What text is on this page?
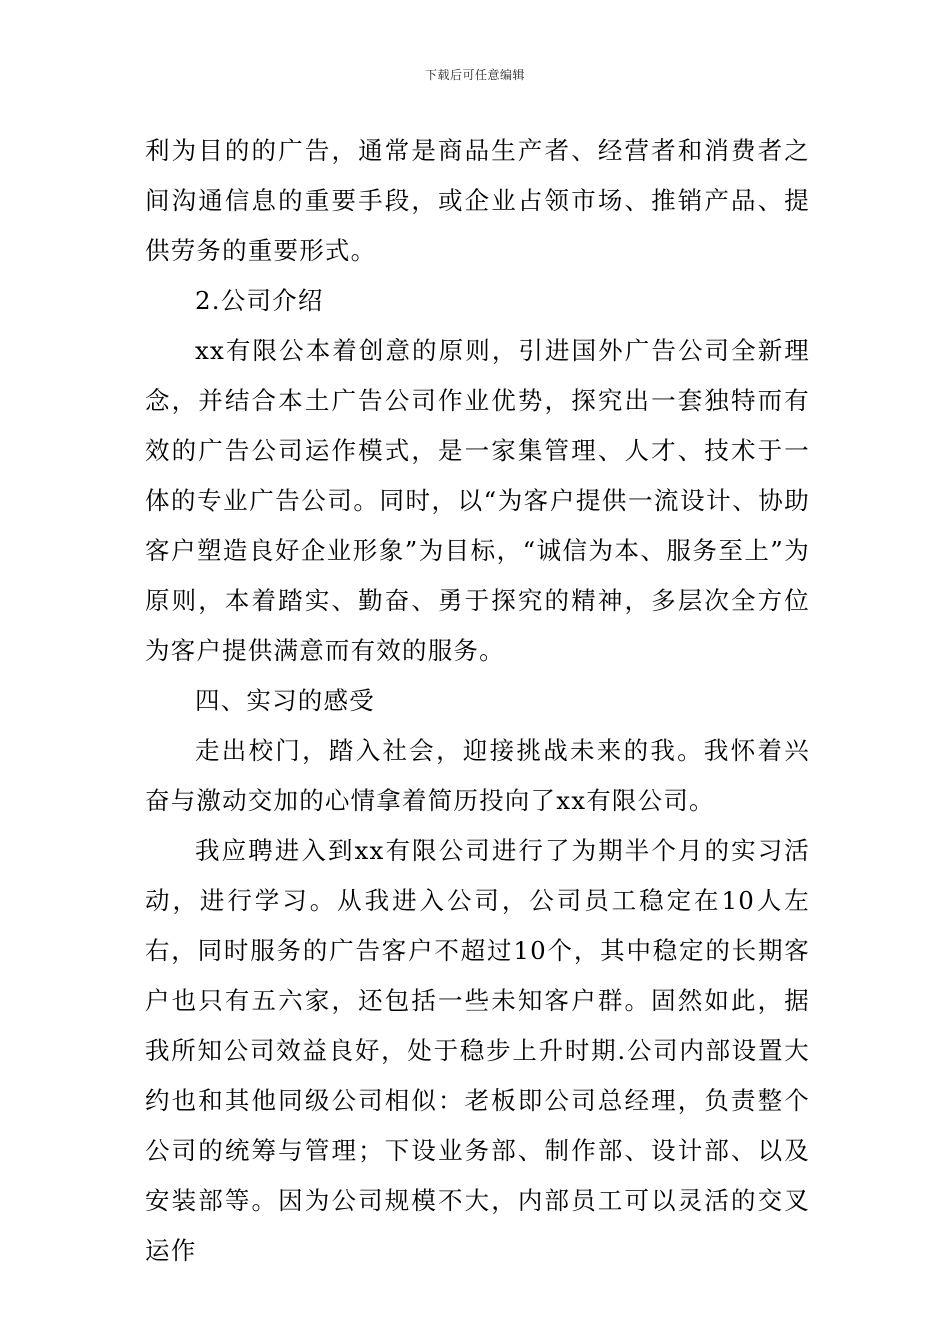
下载后可任意编辑

利为目的的广告，通常是商品生产者、经营者和消费者之间沟通信息的重要手段，或企业占领市场、推销产品、提供劳务的重要形式。

2.公司介绍

xx有限公本着创意的原则，引进国外广告公司全新理念，并结合本土广告公司作业优势，探究出一套独特而有效的广告公司运作模式，是一家集管理、人才、技术于一体的专业广告公司。同时，以“为客户提供一流设计、协助客户塑造良好企业形象”为目标，“诚信为本、服务至上”为原则，本着踏实、勤奋、勇于探究的精神，多层次全方位为客户提供满意而有效的服务。

四、实习的感受

走出校门，踏入社会，迎接挑战未来的我。我怀着兴奋与激动交加的心情拿着简历投向了xx有限公司。

我应聘进入到xx有限公司进行了为期半个月的实习活动，进行学习。从我进入公司，公司员工稳定在10人左右，同时服务的广告客户不超过10个，其中稳定的长期客户也只有五六家，还包括一些未知客户群。固然如此，据我所知公司效益良好，处于稳步上升时期.公司内部设置大约也和其他同级公司相似：老板即公司总经理，负责整个公司的统筹与管理；下设业务部、制作部、设计部、以及安装部等。因为公司规模不大，内部员工可以灵活的交叉运作
